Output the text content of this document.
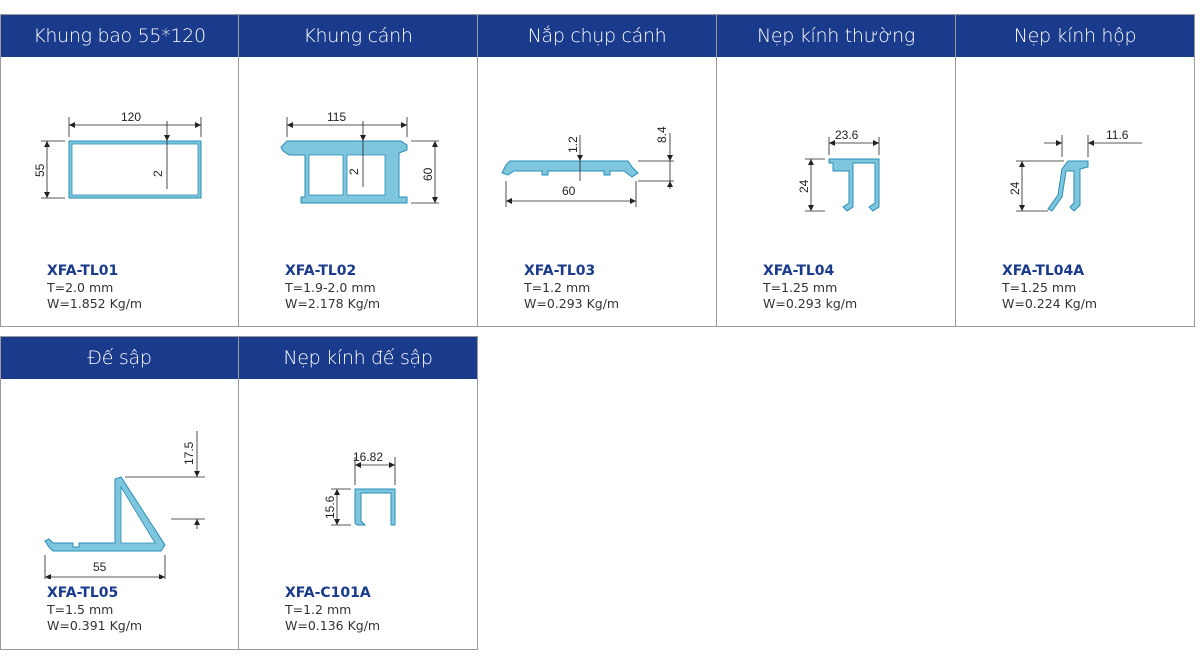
Khung bao 55*120
120
55	2
XFA-TL01
T=2.0 mm
W=1.852 Kg/m
Khung cánh
115
60
2
XFA-TL02
T=1.9-2.0 mm
W=2.178 Kg/m
Nắp chụp cánh
60
1.2
8.4
XFA-TL03
T=1.2 mm
W=0.293 Kg/m
Nẹp kính thường
23.6
24
XFA-TL04
T=1.25 mm
W=0.293 kg/m
Nẹp kính hộp
11.6
24
XFA-TL04A
T=1.25 mm
W=0.224 Kg/m
Đế sập
55
17.5
XFA-TL05
T=1.5 mm
W=0.391 Kg/m
Nẹp kính đế sập
16.82
15.6
XFA-C101A
T=1.2 mm
W=0.136 Kg/m
